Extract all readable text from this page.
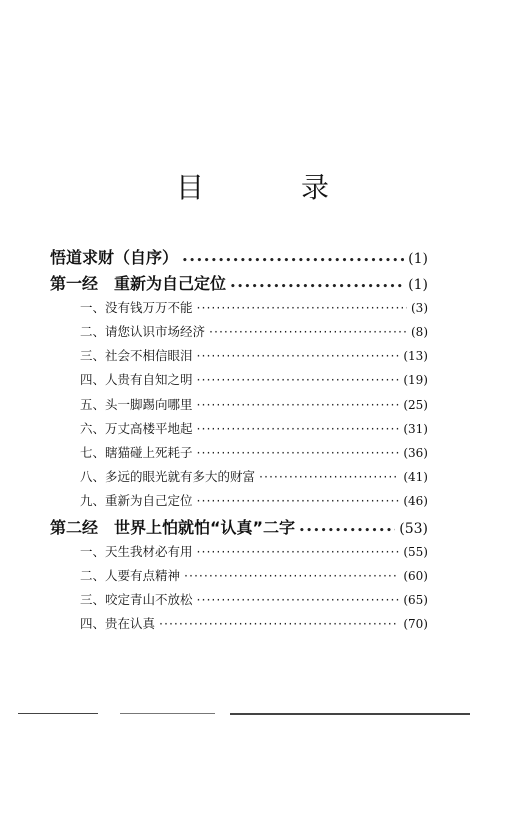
目 录
悟道求财（自序） •••••	(1)
第一经　重新为自己定位 •••••	(1)
一、没有钱万万不能 ·····	(3)
二、请您认识市场经济 ·····	(8)
三、社会不相信眼泪 ·····	(13)
四、人贵有自知之明 ·····	(19)
五、头一脚踢向哪里 ·····	(25)
六、万丈高楼平地起 ·····	(31)
七、瞎猫碰上死耗子 ·····	(36)
八、多远的眼光就有多大的财富 ·····	(41)
九、重新为自己定位 ·····	(46)
第二经　世界上怕就怕“认真”二字 •••••	(53)
一、天生我材必有用 ·····	(55)
二、人要有点精神 ·····	(60)
三、咬定青山不放松 ·····	(65)
四、贵在认真 ·····	(70)
